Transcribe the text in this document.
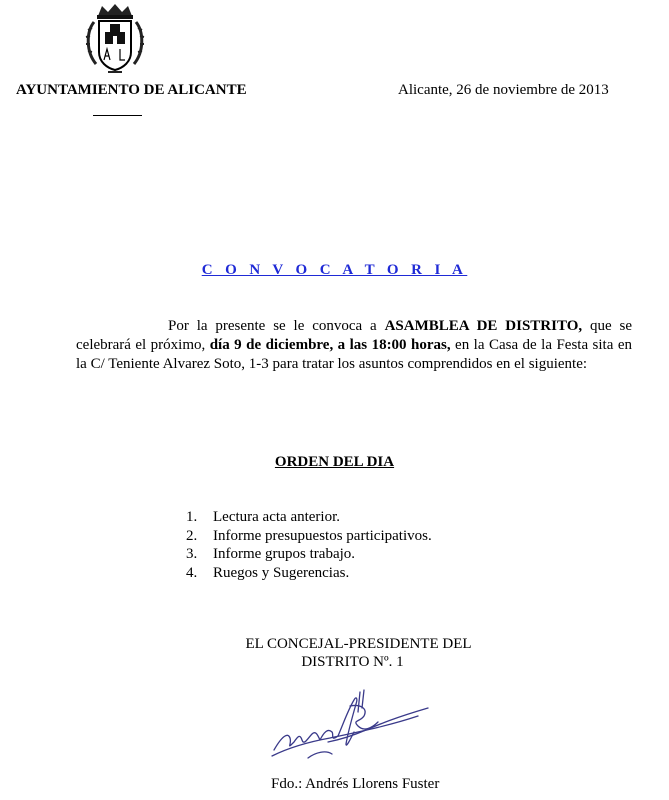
AYUNTAMIENTO DE ALICANTE	Alicante, 26 de noviembre de 2013
C O N V O C A T O R I A
Por la presente se le convoca a ASAMBLEA DE DISTRITO, que se celebrará el próximo, día 9 de diciembre, a las 18:00 horas, en la Casa de la Festa sita en la C/ Teniente Alvarez Soto, 1-3 para tratar los asuntos comprendidos en el siguiente:
ORDEN DEL DIA
1. Lectura acta anterior.
2. Informe presupuestos participativos.
3. Informe grupos trabajo.
4. Ruegos y Sugerencias.
EL CONCEJAL-PRESIDENTE DEL
DISTRITO Nº. 1
Fdo.: Andrés Llorens Fuster
